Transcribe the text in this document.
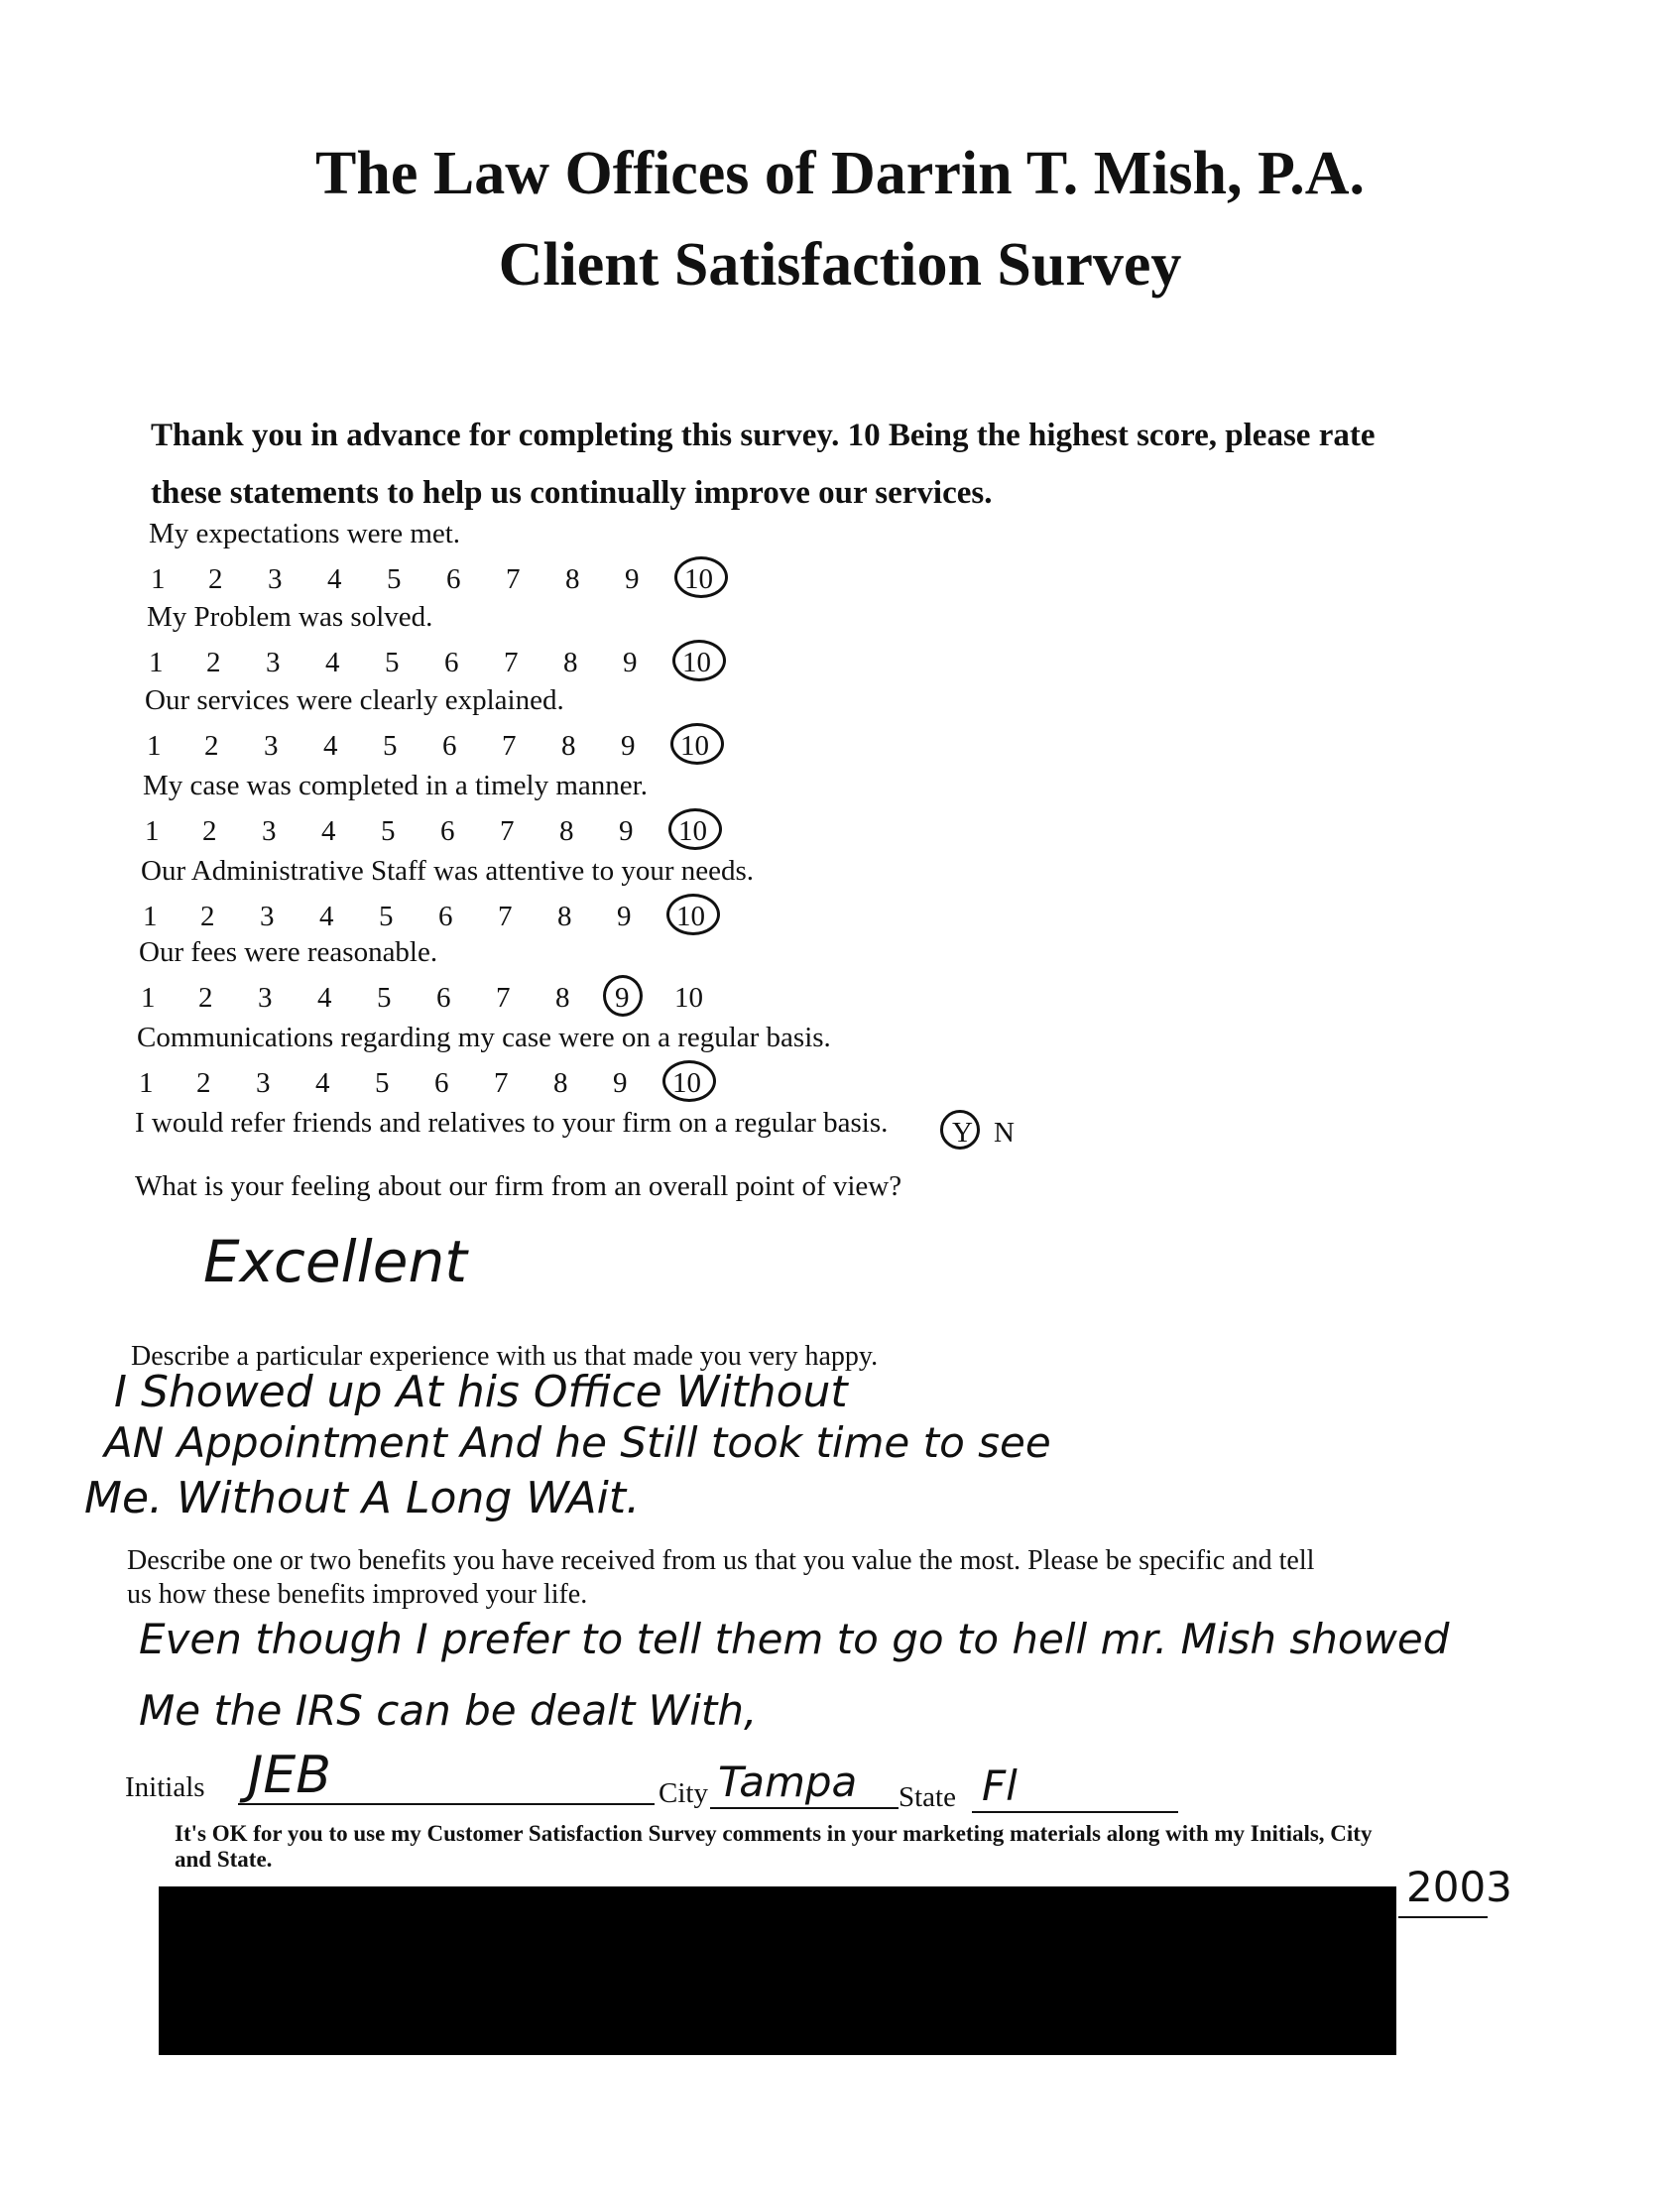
The Law Offices of Darrin T. Mish, P.A.
Client Satisfaction Survey
Thank you in advance for completing this survey. 10 Being the highest score, please rate
these statements to help us continually improve our services.
My expectations were met.
1 2 3 4 5 6 7 8 9 10
My Problem was solved.
1 2 3 4 5 6 7 8 9 10
Our services were clearly explained.
1 2 3 4 5 6 7 8 9 10
My case was completed in a timely manner.
1 2 3 4 5 6 7 8 9 10
Our Administrative Staff was attentive to your needs.
1 2 3 4 5 6 7 8 9 10
Our fees were reasonable.
1 2 3 4 5 6 7 8 9 10
Communications regarding my case were on a regular basis.
1 2 3 4 5 6 7 8 9 10
I would refer friends and relatives to your firm on a regular basis. Y N
What is your feeling about our firm from an overall point of view?
Excellent
Describe a particular experience with us that made you very happy.
I Showed up At his Office Without
AN Appointment And he Still took time to see
Me. Without A Long WAit.
Describe one or two benefits you have received from us that you value the most. Please be specific and tell
us how these benefits improved your life.
Even though I prefer to tell them to go to hell mr. Mish showed
Me the IRS can be dealt With,
Initials JEB	City Tampa State Fl
It's OK for you to use my Customer Satisfaction Survey comments in your marketing materials along with my Initials, City
and State.
2003
